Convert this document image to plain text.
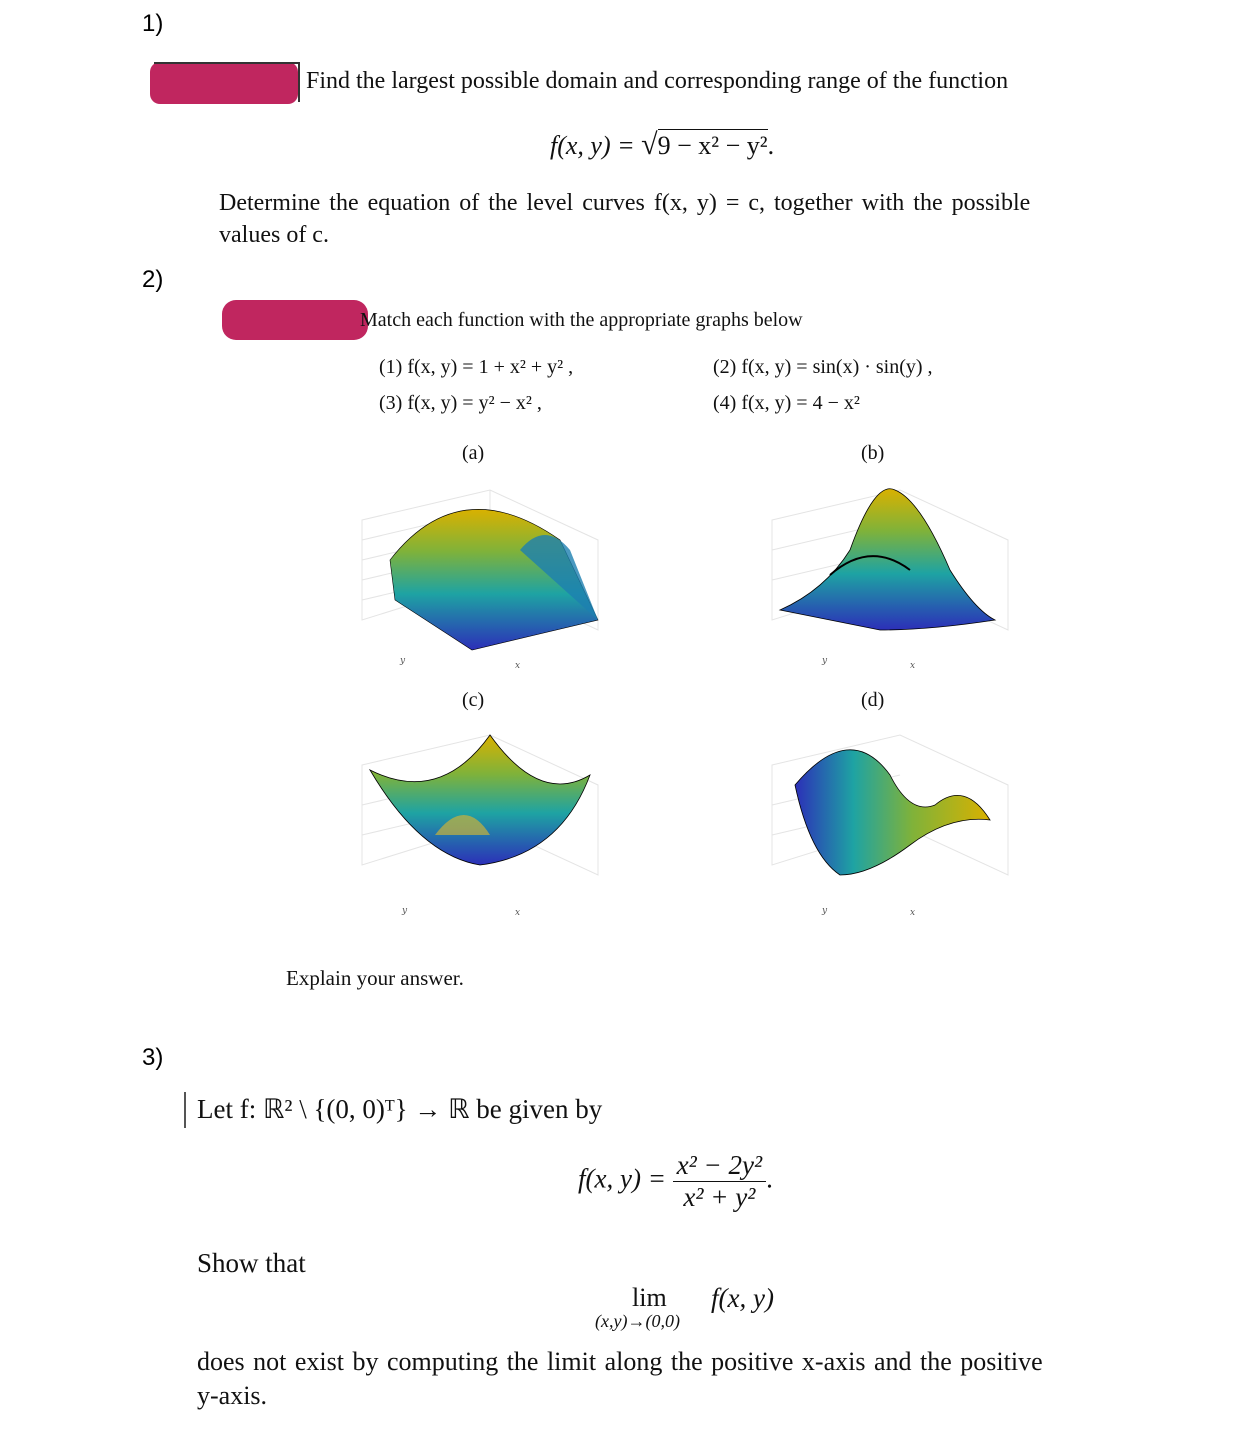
1)
2)
3)
Find the largest possible domain and corresponding range of the function
f(x, y) = √9 − x² − y².
Determine the equation of the level curves f(x, y) = c, together with the possible
values of c.
Match each function with the appropriate graphs below
(1) f(x, y) = 1 + x² + y² ,	(2) f(x, y) = sin(x) · sin(y) ,
(3) f(x, y) = y² − x² ,	(4) f(x, y) = 4 − x²
(a)	(b)
(c)	(d)
y	x	y	x
y	x	y	x
Explain your answer.
Let f: ℝ² \ {(0, 0)ᵀ} → ℝ be given by
f(x, $y) = \frac{\text{x² − 2y²}}{\text{x² + y²}}$ .
Show that
lim
(x,y)→(0,0)
f(x, y)
does not exist by computing the limit along the positive x-axis and the positive
y-axis.
